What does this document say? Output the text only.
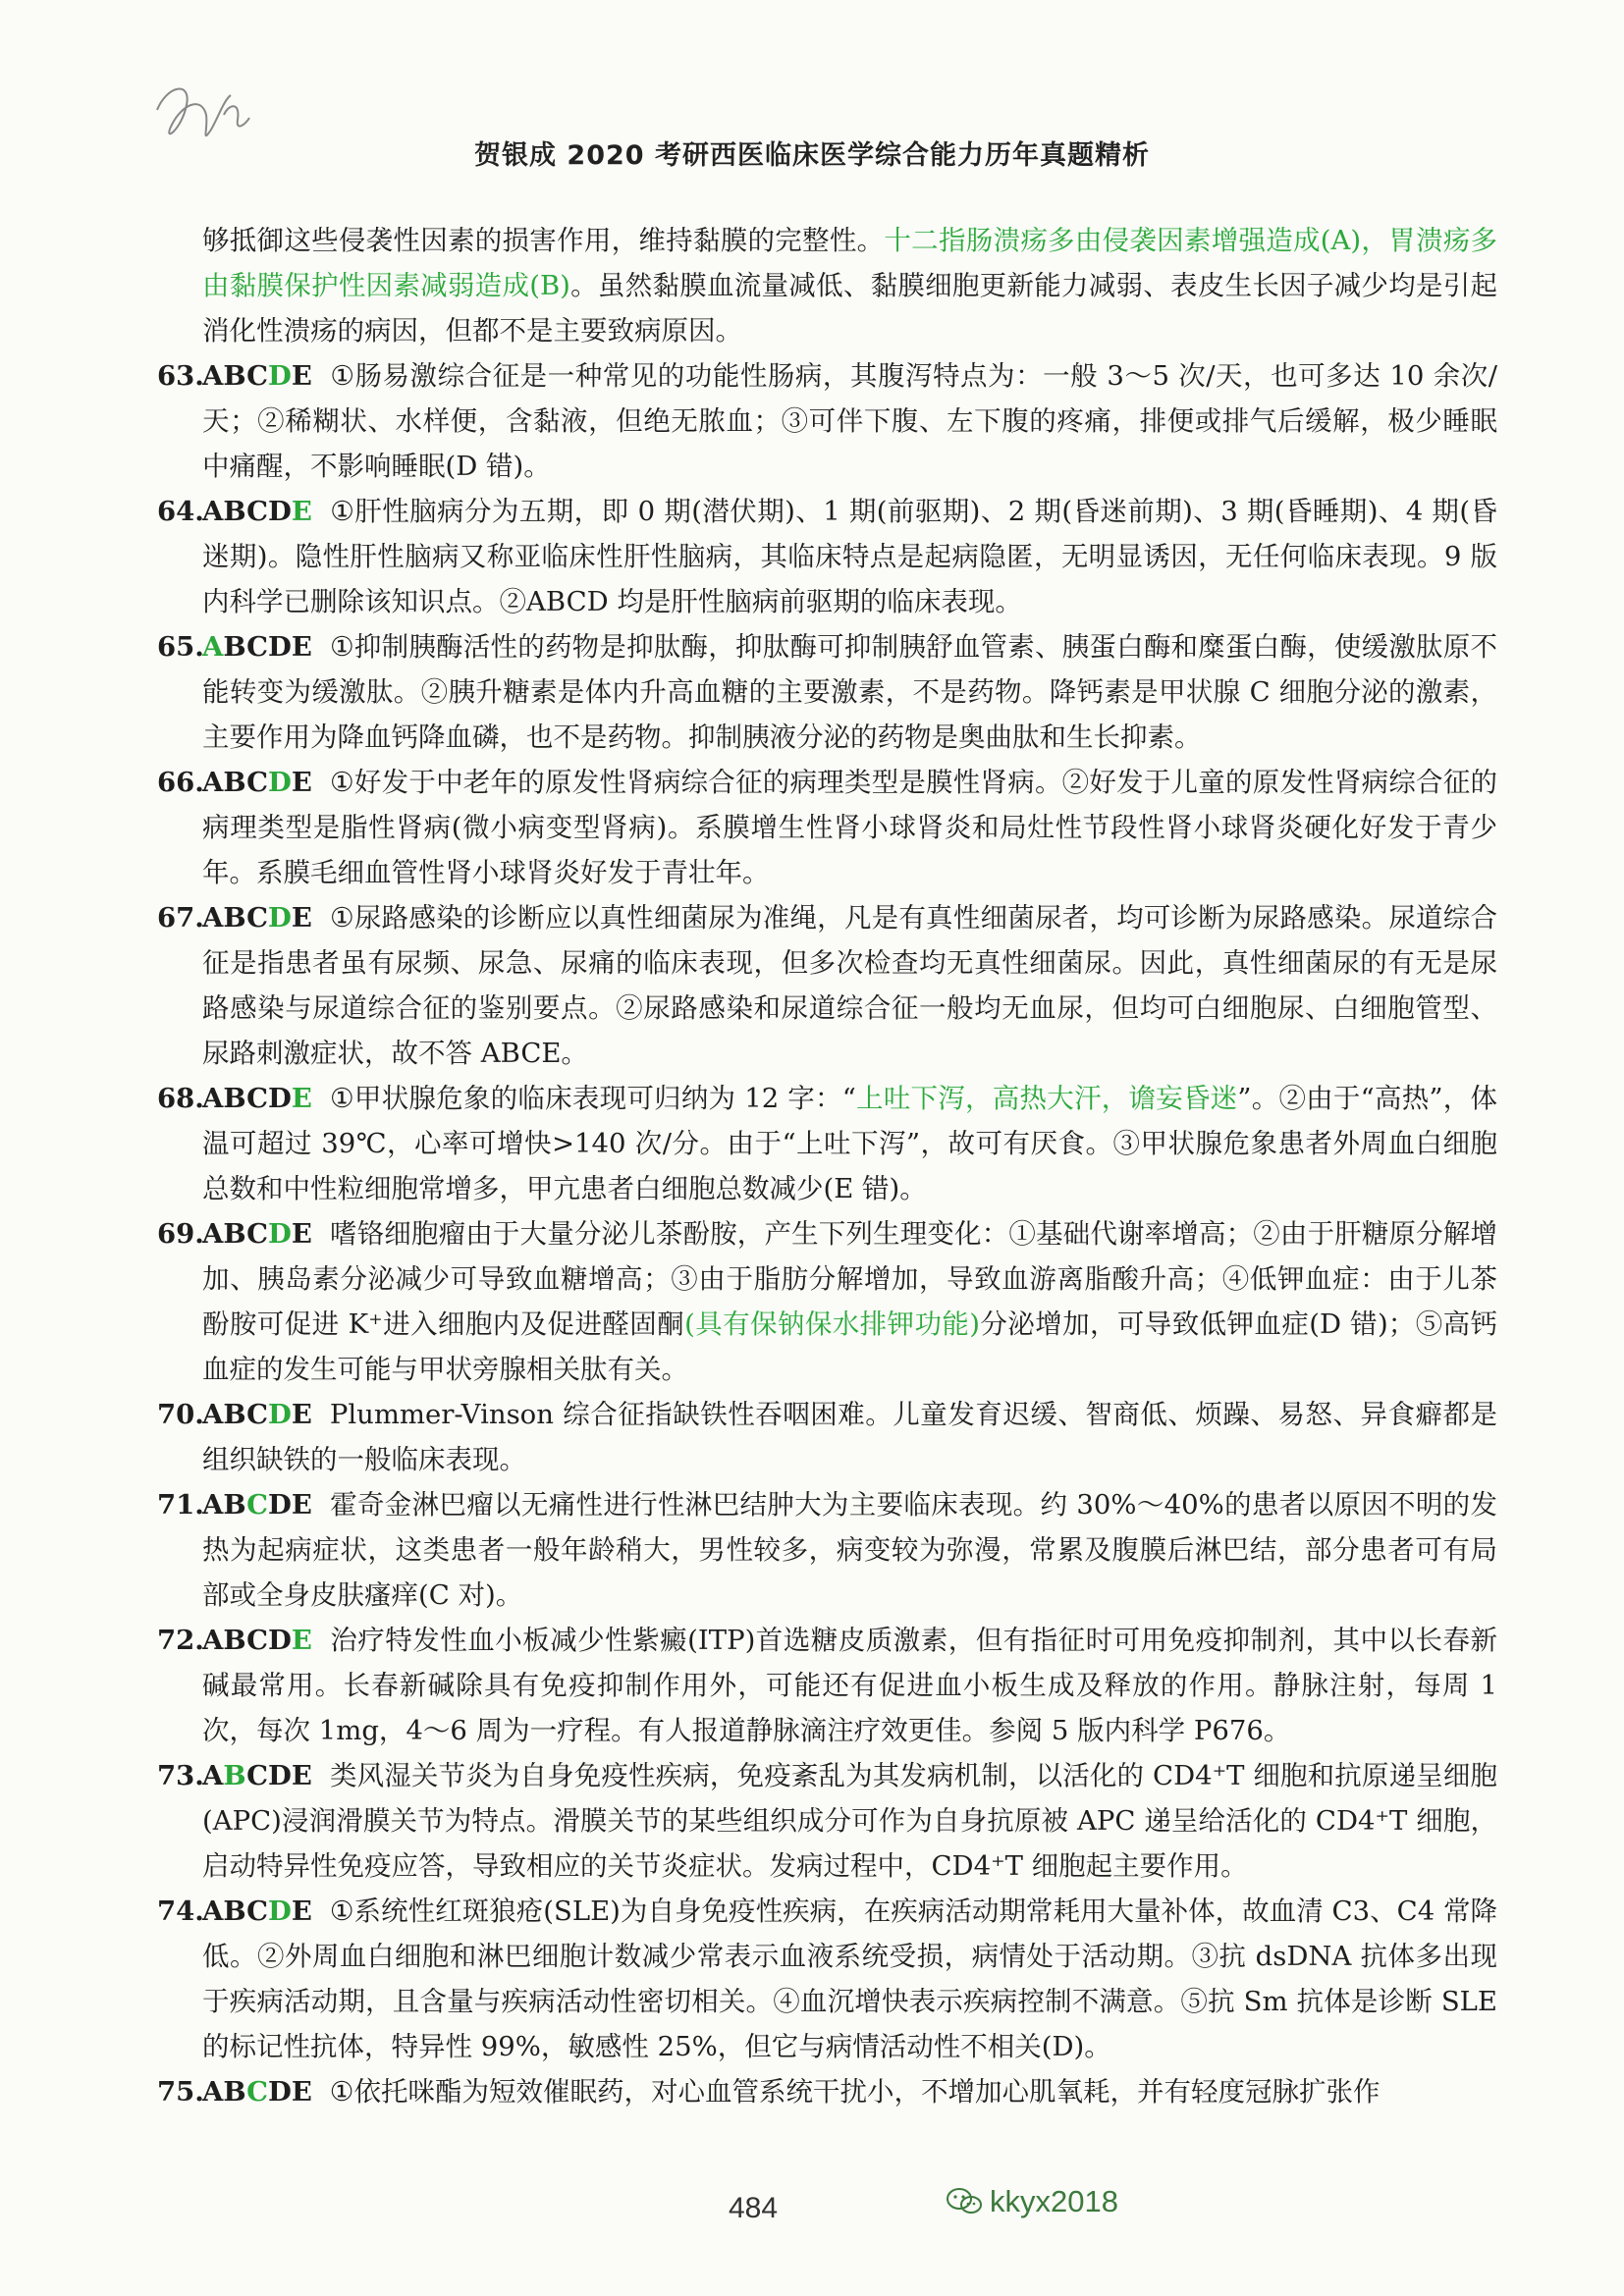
贺银成 2020 考研西医临床医学综合能力历年真题精析
够抵御这些侵袭性因素的损害作用，维持黏膜的完整性。十二指肠溃疡多由侵袭因素增强造成(A)，胃溃疡多由黏膜保护性因素减弱造成(B)。虽然黏膜血流量减低、黏膜细胞更新能力减弱、表皮生长因子减少均是引起消化性溃疡的病因，但都不是主要致病原因。
63.
ABCDE ①肠易激综合征是一种常见的功能性肠病，其腹泻特点为：一般 3～5 次/天，也可多达 10 余次/天；②稀糊状、水样便，含黏液，但绝无脓血；③可伴下腹、左下腹的疼痛，排便或排气后缓解，极少睡眠中痛醒，不影响睡眠(D 错)。
64.
ABCDE ①肝性脑病分为五期，即 0 期(潜伏期)、1 期(前驱期)、2 期(昏迷前期)、3 期(昏睡期)、4 期(昏迷期)。隐性肝性脑病又称亚临床性肝性脑病，其临床特点是起病隐匿，无明显诱因，无任何临床表现。9 版内科学已删除该知识点。②ABCD 均是肝性脑病前驱期的临床表现。
65.
ABCDE ①抑制胰酶活性的药物是抑肽酶，抑肽酶可抑制胰舒血管素、胰蛋白酶和糜蛋白酶，使缓激肽原不能转变为缓激肽。②胰升糖素是体内升高血糖的主要激素，不是药物。降钙素是甲状腺 C 细胞分泌的激素，主要作用为降血钙降血磷，也不是药物。抑制胰液分泌的药物是奥曲肽和生长抑素。
66.
ABCDE ①好发于中老年的原发性肾病综合征的病理类型是膜性肾病。②好发于儿童的原发性肾病综合征的病理类型是脂性肾病(微小病变型肾病)。系膜增生性肾小球肾炎和局灶性节段性肾小球肾炎硬化好发于青少年。系膜毛细血管性肾小球肾炎好发于青壮年。
67.
ABCDE ①尿路感染的诊断应以真性细菌尿为准绳，凡是有真性细菌尿者，均可诊断为尿路感染。尿道综合征是指患者虽有尿频、尿急、尿痛的临床表现，但多次检查均无真性细菌尿。因此，真性细菌尿的有无是尿路感染与尿道综合征的鉴别要点。②尿路感染和尿道综合征一般均无血尿，但均可白细胞尿、白细胞管型、尿路刺激症状，故不答 ABCE。
68.
ABCDE ①甲状腺危象的临床表现可归纳为 12 字：“上吐下泻，高热大汗，谵妄昏迷”。②由于“高热”，体温可超过 39℃，心率可增快>140 次/分。由于“上吐下泻”，故可有厌食。③甲状腺危象患者外周血白细胞总数和中性粒细胞常增多，甲亢患者白细胞总数减少(E 错)。
69.
ABCDE 嗜铬细胞瘤由于大量分泌儿茶酚胺，产生下列生理变化：①基础代谢率增高；②由于肝糖原分解增加、胰岛素分泌减少可导致血糖增高；③由于脂肪分解增加，导致血游离脂酸升高；④低钾血症：由于儿茶酚胺可促进 K⁺进入细胞内及促进醛固酮(具有保钠保水排钾功能)分泌增加，可导致低钾血症(D 错)；⑤高钙血症的发生可能与甲状旁腺相关肽有关。
70.
ABCDE Plummer-Vinson 综合征指缺铁性吞咽困难。儿童发育迟缓、智商低、烦躁、易怒、异食癖都是组织缺铁的一般临床表现。
71.
ABCDE 霍奇金淋巴瘤以无痛性进行性淋巴结肿大为主要临床表现。约 30%～40%的患者以原因不明的发热为起病症状，这类患者一般年龄稍大，男性较多，病变较为弥漫，常累及腹膜后淋巴结，部分患者可有局部或全身皮肤瘙痒(C 对)。
72.
ABCDE 治疗特发性血小板减少性紫癜(ITP)首选糖皮质激素，但有指征时可用免疫抑制剂，其中以长春新碱最常用。长春新碱除具有免疫抑制作用外，可能还有促进血小板生成及释放的作用。静脉注射，每周 1 次，每次 1mg，4～6 周为一疗程。有人报道静脉滴注疗效更佳。参阅 5 版内科学 P676。
73.
ABCDE 类风湿关节炎为自身免疫性疾病，免疫紊乱为其发病机制，以活化的 CD4⁺T 细胞和抗原递呈细胞(APC)浸润滑膜关节为特点。滑膜关节的某些组织成分可作为自身抗原被 APC 递呈给活化的 CD4⁺T 细胞，启动特异性免疫应答，导致相应的关节炎症状。发病过程中，CD4⁺T 细胞起主要作用。
74.
ABCDE ①系统性红斑狼疮(SLE)为自身免疫性疾病，在疾病活动期常耗用大量补体，故血清 C3、C4 常降低。②外周血白细胞和淋巴细胞计数减少常表示血液系统受损，病情处于活动期。③抗 dsDNA 抗体多出现于疾病活动期，且含量与疾病活动性密切相关。④血沉增快表示疾病控制不满意。⑤抗 Sm 抗体是诊断 SLE 的标记性抗体，特异性 99%，敏感性 25%，但它与病情活动性不相关(D)。
75.
ABCDE ①依托咪酯为短效催眠药，对心血管系统干扰小，不增加心肌氧耗，并有轻度冠脉扩张作
484	kkyx2018
